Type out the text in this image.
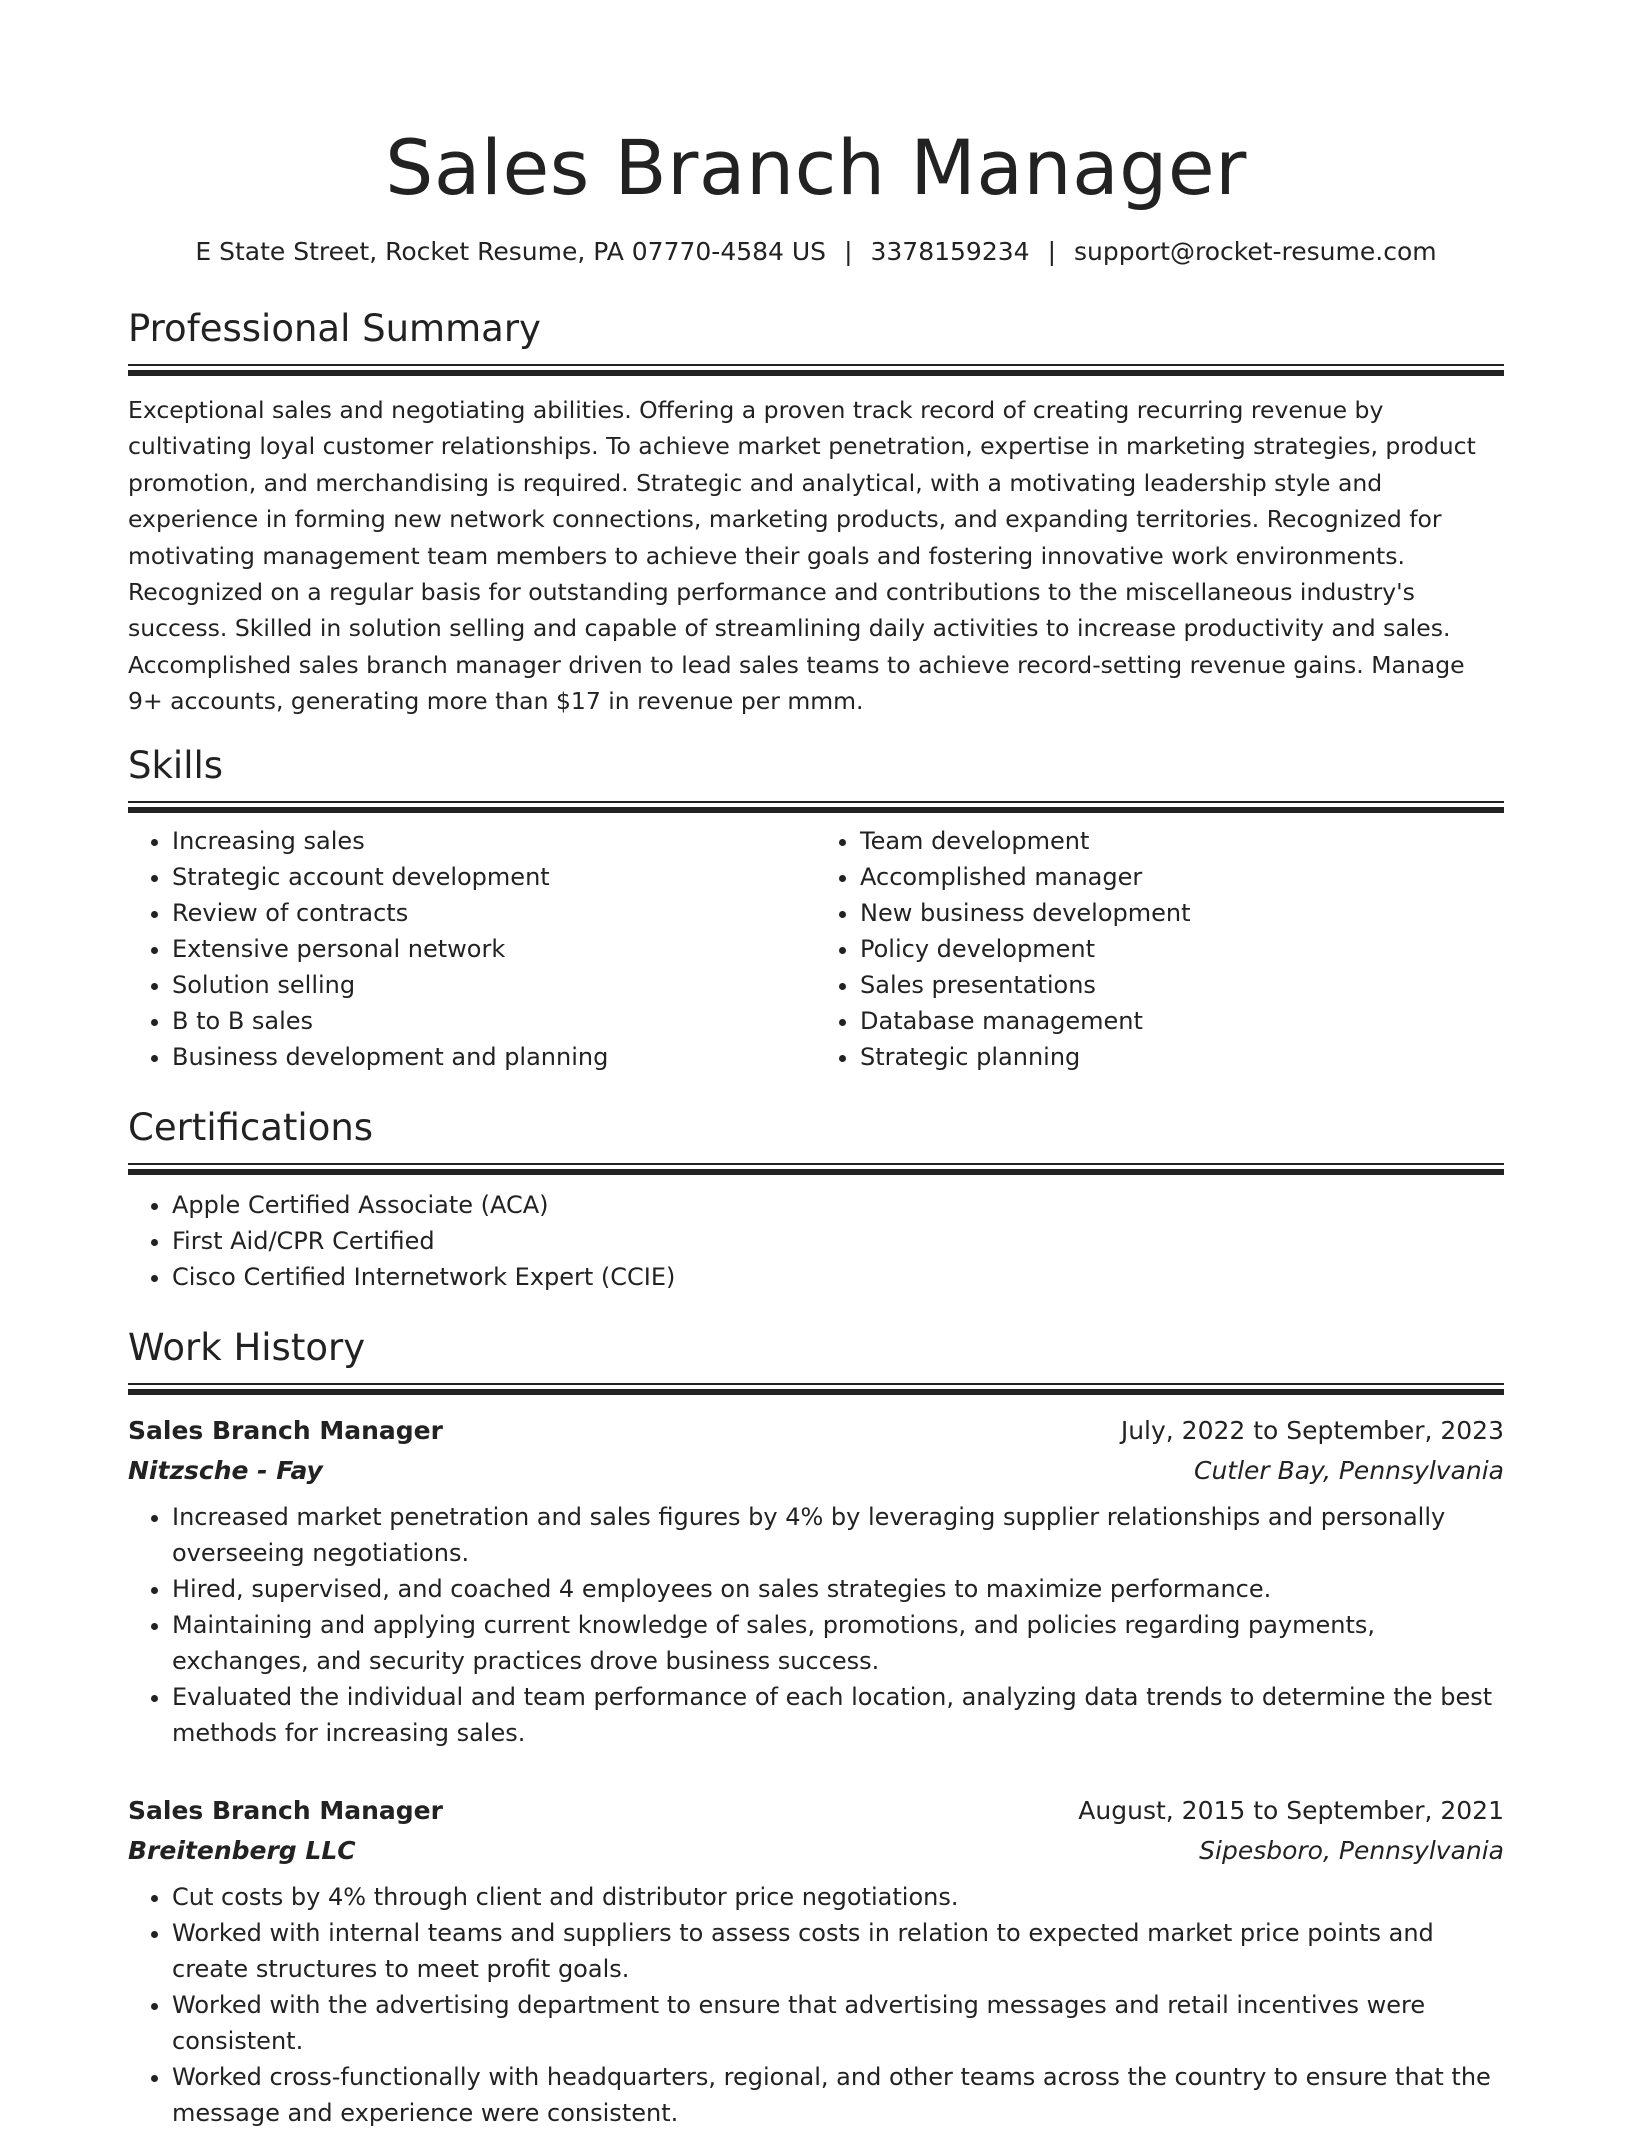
Sales Branch Manager
E State Street, Rocket Resume, PA 07770-4584 US | 3378159234 | support@rocket-resume.com
Professional Summary

Exceptional sales and negotiating abilities. Offering a proven track record of creating recurring revenue by cultivating loyal customer relationships. To achieve market penetration, expertise in marketing strategies, product promotion, and merchandising is required. Strategic and analytical, with a motivating leadership style and experience in forming new network connections, marketing products, and expanding territories. Recognized for motivating management team members to achieve their goals and fostering innovative work environments. Recognized on a regular basis for outstanding performance and contributions to the miscellaneous industry's success. Skilled in solution selling and capable of streamlining daily activities to increase productivity and sales. Accomplished sales branch manager driven to lead sales teams to achieve record-setting revenue gains. Manage 9+ accounts, generating more than $17 in revenue per mmm.

Skills
• Increasing sales
• Strategic account development
• Review of contracts
• Extensive personal network
• Solution selling
• B to B sales
• Business development and planning
• Team development
• Accomplished manager
• New business development
• Policy development
• Sales presentations
• Database management
• Strategic planning
Certifications
• Apple Certified Associate (ACA)
• First Aid/CPR Certified
• Cisco Certified Internetwork Expert (CCIE)
Work History
Sales Branch Manager	July, 2022 to September, 2023
Nitzsche - Fay	Cutler Bay, Pennsylvania
• Increased market penetration and sales figures by 4% by leveraging supplier relationships and personally overseeing negotiations.
• Hired, supervised, and coached 4 employees on sales strategies to maximize performance.
• Maintaining and applying current knowledge of sales, promotions, and policies regarding payments, exchanges, and security practices drove business success.
• Evaluated the individual and team performance of each location, analyzing data trends to determine the best methods for increasing sales.
Sales Branch Manager	August, 2015 to September, 2021
Breitenberg LLC	Sipesboro, Pennsylvania
• Cut costs by 4% through client and distributor price negotiations.
• Worked with internal teams and suppliers to assess costs in relation to expected market price points and create structures to meet profit goals.
• Worked with the advertising department to ensure that advertising messages and retail incentives were consistent.
• Worked cross-functionally with headquarters, regional, and other teams across the country to ensure that the message and experience were consistent.
